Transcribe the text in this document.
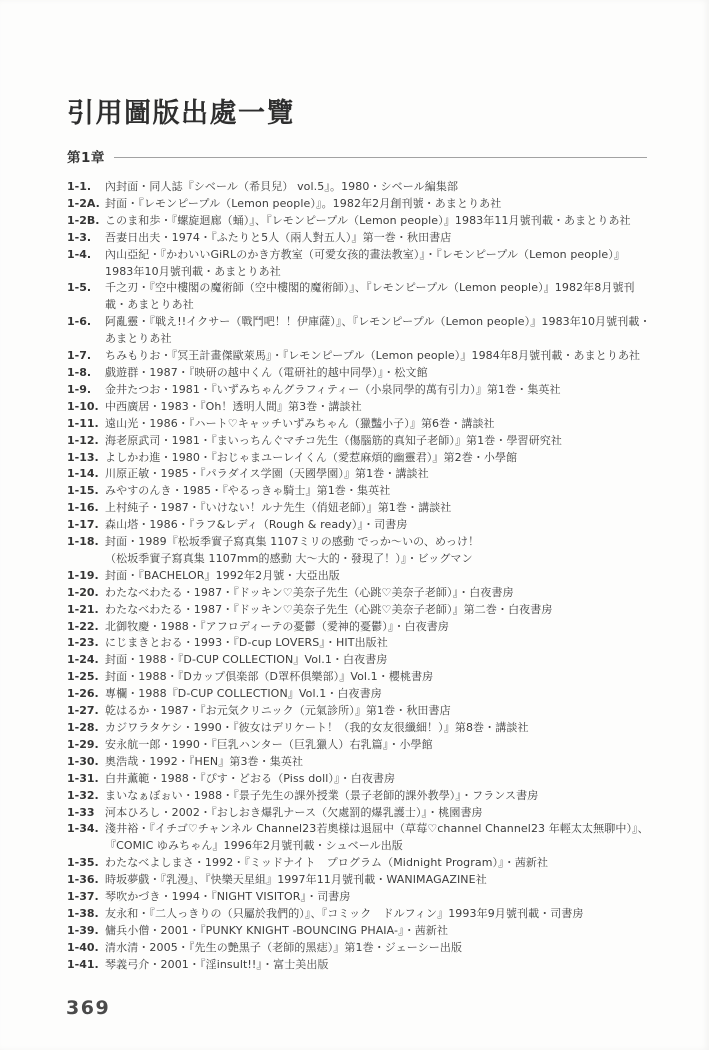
引用圖版出處一覽
第1章
1-1.	內封面・同人誌『シベール（希貝兒） vol.5』。1980・シベール編集部
1-2A. 封面・『レモンピープル（Lemon people）』。1982年2月創刊號・あまとりあ社
1-2B. このま和歩・『螺旋迴廊（蛹）』、『レモンピープル（Lemon people）』1983年11月號刊載・あまとりあ社
1-3.	吾妻日出夫・1974・『ふたりと5人（兩人對五人）』第一巻・秋田書店
1-4.	內山亞紀・『かわいいGiRLのかき方教室（可愛女孩的畫法教室）』・『レモンピープル（Lemon people）』
1983年10月號刊載・あまとりあ社
1-5.	千之刃・『空中樓閣の魔術師（空中樓閣的魔術師）』、『レモンピープル（Lemon people）』1982年8月號刊
載・あまとりあ社
1-6.	阿亂靈・『戦え!!イクサー（戰鬥吧！！伊庫薩）』、『レモンピープル（Lemon people）』1983年10月號刊載・
あまとりあ社
1-7.	ちみもりお・『冥王計畫傑歐萊馬』・『レモンピープル（Lemon people）』1984年8月號刊載・あまとりあ社
1-8.	戲遊群・1987・『映研の越中くん（電研社的越中同學）』・松文館
1-9.	金井たつお・1981・『いずみちゃんグラフィティー（小泉同學的萬有引力）』第1巻・集英社
1-10. 中西廣居・1983・『Oh！透明人間』第3巻・講談社
1-11. 遠山光・1986・『ハート♡キャッチいずみちゃん（獵豔小子）』第6巻・講談社
1-12. 海老原武司・1981・『まいっちんぐマチコ先生（傷腦筋的真知子老師）』第1巻・學習研究社
1-13. よしかわ進・1980・『おじゃまユーレイくん（愛惹麻煩的幽靈君）』第2巻・小學館
1-14. 川原正敏・1985・『パラダイス学園（天國學園）』第1巻・講談社
1-15. みやすのんき・1985・『やるっきゃ騎士』第1巻・集英社
1-16. 上村純子・1987・『いけない！ルナ先生（俏妞老師）』第1巻・講談社
1-17. 森山塔・1986・『ラフ&レディ（Rough & ready）』・司書房
1-18. 封面・1989『松坂季實子寫真集 1107ミリの感動 でっか～いの、めっけ！
（松坂季實子寫真集 1107mm的感動 大～大的・發現了！）』・ビッグマン
1-19. 封面・『BACHELOR』1992年2月號・大亞出版
1-20. わたなべわたる・1987・『ドッキン♡美奈子先生（心跳♡美奈子老師）』・白夜書房
1-21. わたなべわたる・1987・『ドッキン♡美奈子先生（心跳♡美奈子老師）』第二巻・白夜書房
1-22. 北御牧慶・1988・『アフロディーテの憂鬱（愛神的憂鬱）』・白夜書房
1-23. にじまきとおる・1993・『D-cup LOVERS』・HIT出版社
1-24. 封面・1988・『D-CUP COLLECTION』Vol.1・白夜書房
1-25. 封面・1988・『Dカップ倶楽部（D罩杯倶樂部）』Vol.1・櫻桃書房
1-26. 專欄・1988『D-CUP COLLECTION』Vol.1・白夜書房
1-27. 乾はるか・1987・『お元気クリニック（元氣診所）』第1巻・秋田書店
1-28. カジワラタケシ・1990・『彼女はデリケート！（我的女友很纖細！）』第8巻・講談社
1-29. 安永航一郎・1990・『巨乳ハンター（巨乳獵人）右乳篇』・小學館
1-30. 奧浩哉・1992・『HEN』第3巻・集英社
1-31. 白井薫範・1988・『ぴす・どおる（Piss doll）』・白夜書房
1-32. まいなぁぼぉい・1988・『景子先生の課外授業（景子老師的課外教學）』・フランス書房
1-33 河本ひろし・2002・『おしおき爆乳ナース（欠處罰的爆乳護士）』・桃園書房
1-34. 淺井裕・『イチゴ♡チャンネル Channel23若奧様は退屈中（草莓♡channel Channel23 年輕太太無聊中）』、
『COMIC ゆみちゃん』1996年2月號刊載・シュベール出版
1-35. わたなべよしまさ・1992・『ミッドナイト　プログラム（Midnight Program）』・茜新社
1-36. 時坂夢戲・『乳漫』、『快樂天星組』1997年11月號刊載・WANIMAGAZINE社
1-37. 琴吹かづき・1994・『NIGHT VISITOR』・司書房
1-38. 友永和・『二人っきりの（只屬於我們的）』、『コミック　ドルフィン』1993年9月號刊載・司書房
1-39. 傭兵小僧・2001・『PUNKY KNIGHT -BOUNCING PHAIA-』・茜新社
1-40. 清水清・2005・『先生の艶黒子（老師的黑痣）』第1巻・ジェーシー出版
1-41. 琴義弓介・2001・『淫insult!!』・富士美出版
369
